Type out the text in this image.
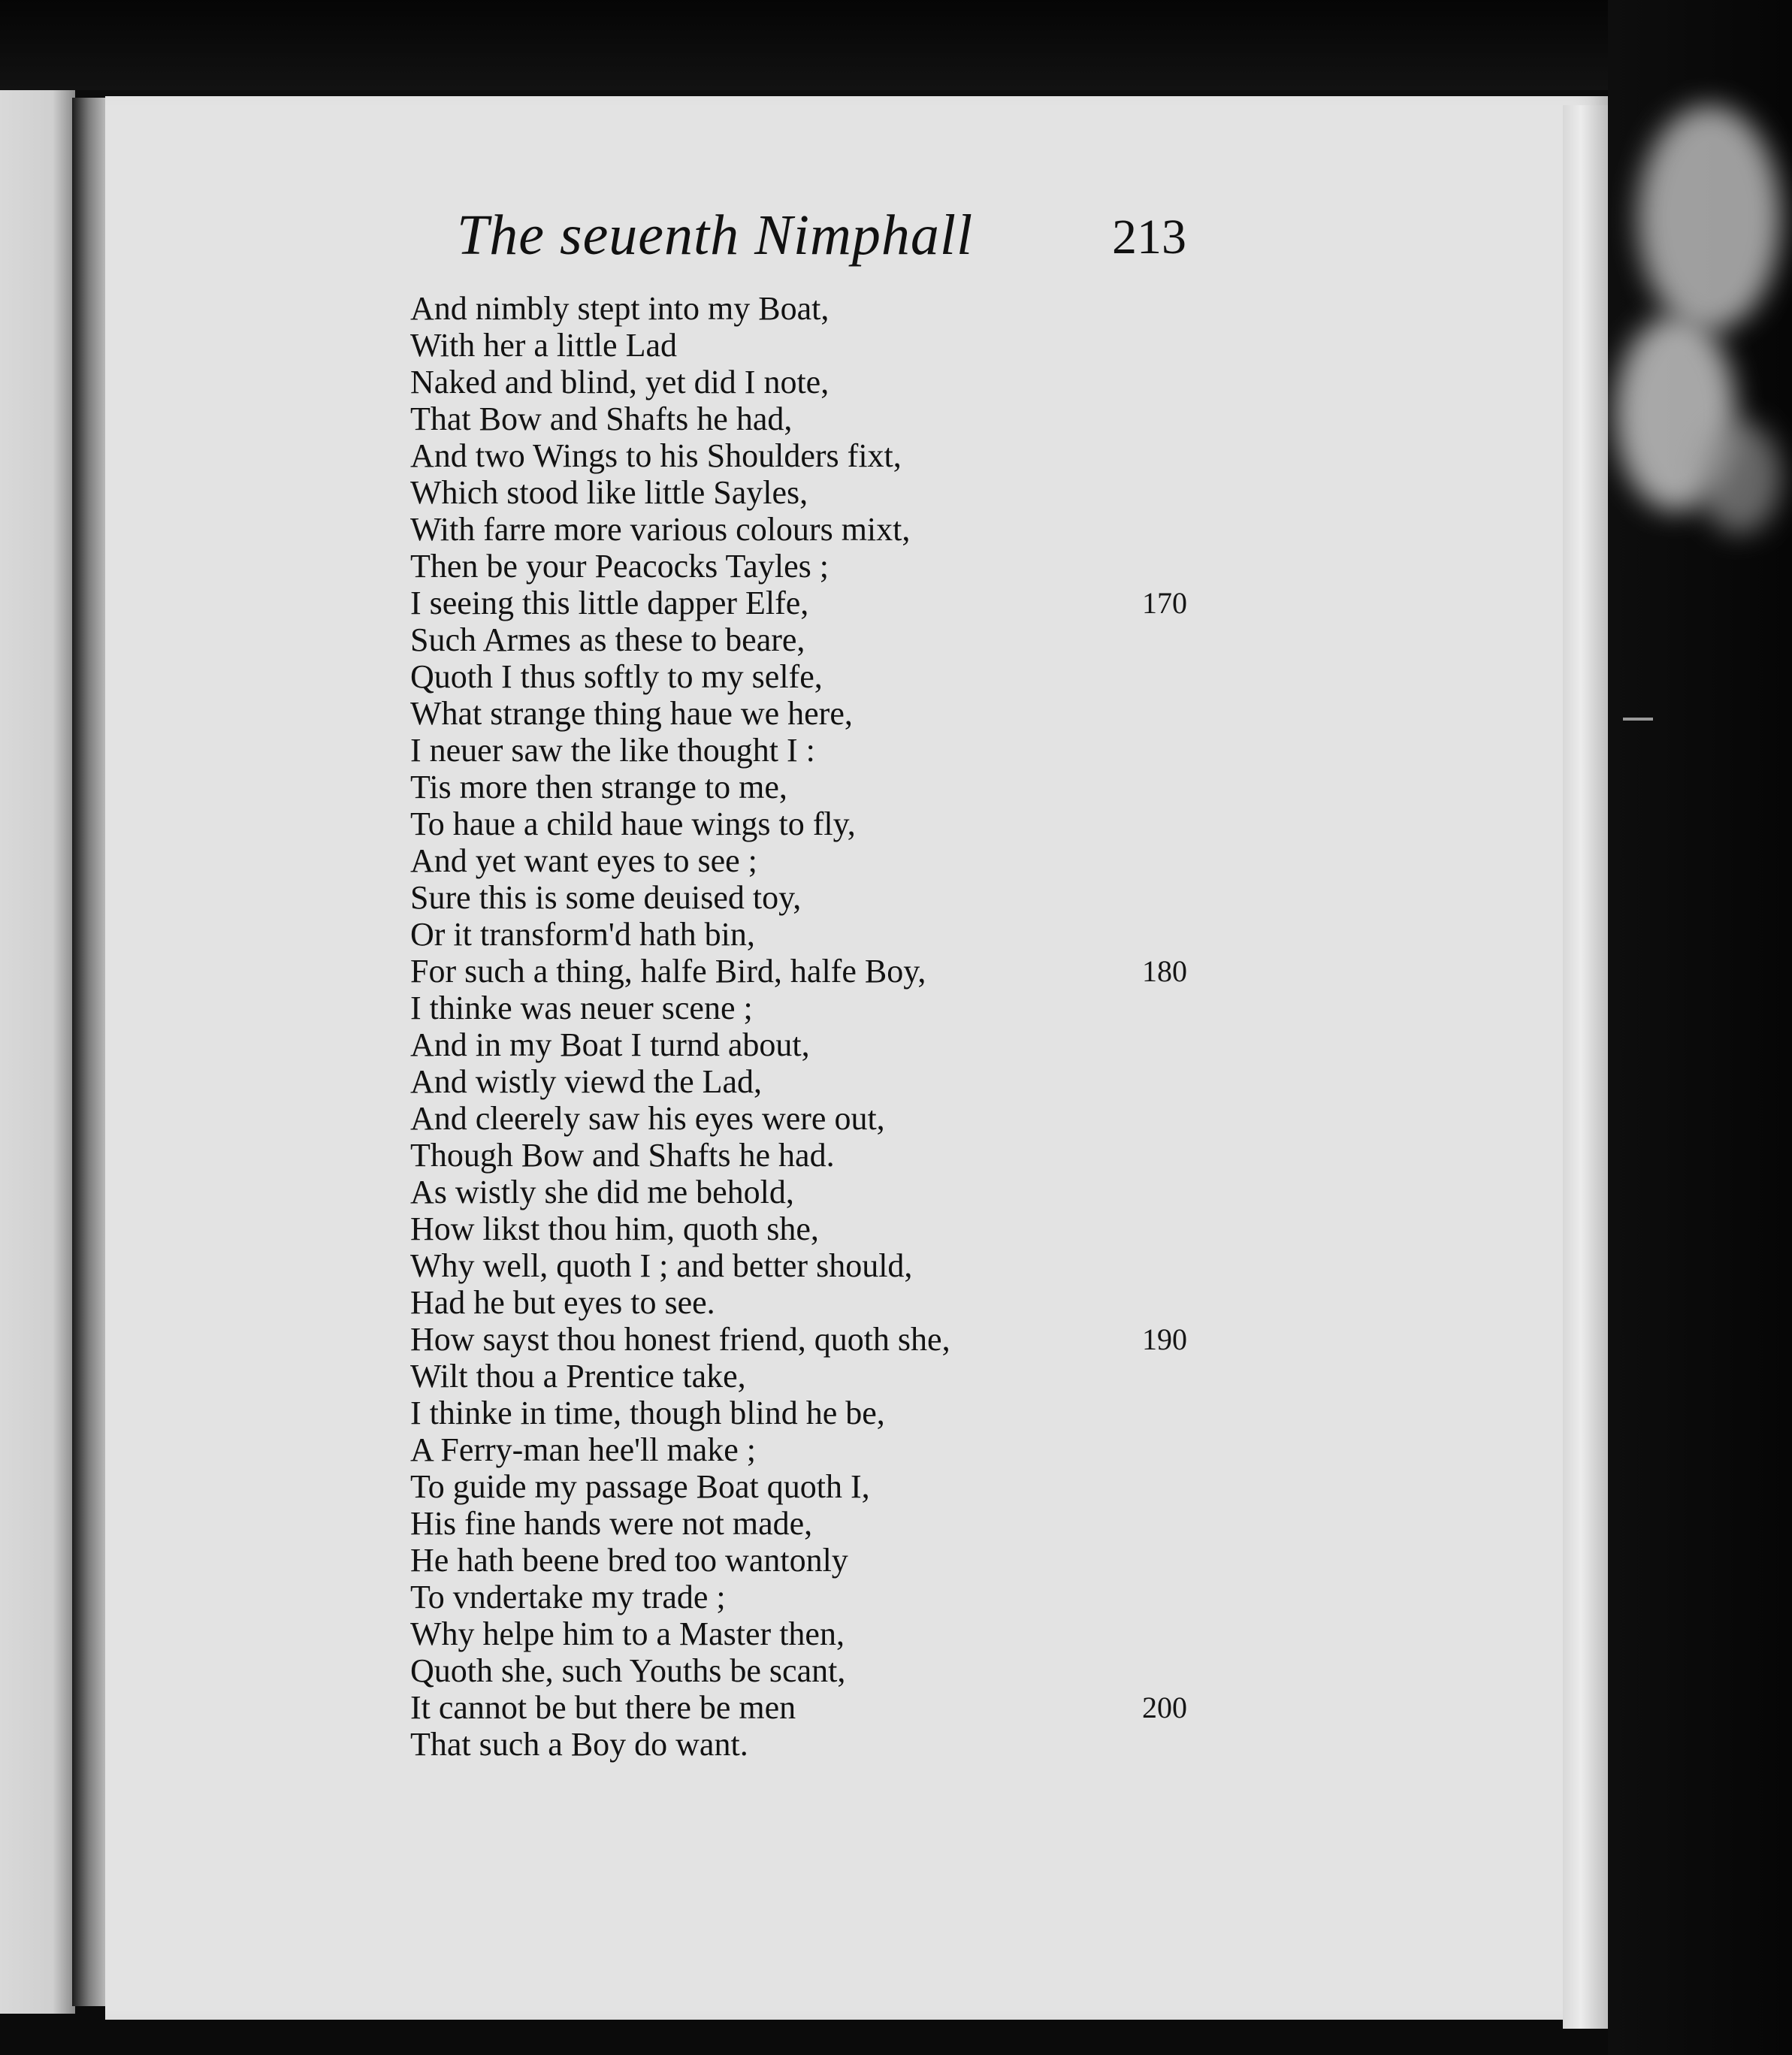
The seuenth Nimphall	213
And nimbly stept into my Boat,
With her a little Lad
Naked and blind, yet did I note,
That Bow and Shafts he had,
And two Wings to his Shoulders fixt,
Which stood like little Sayles,
With farre more various colours mixt,
Then be your Peacocks Tayles ;
I seeing this little dapper Elfe,
Such Armes as these to beare,
Quoth I thus softly to my selfe,
What strange thing haue we here,
I neuer saw the like thought I :
Tis more then strange to me,
To haue a child haue wings to fly,
And yet want eyes to see ;
Sure this is some deuised toy,
Or it transform'd hath bin,
For such a thing, halfe Bird, halfe Boy,
I thinke was neuer scene ;
And in my Boat I turnd about,
And wistly viewd the Lad,
And cleerely saw his eyes were out,
Though Bow and Shafts he had.
As wistly she did me behold,
How likst thou him, quoth she,
Why well, quoth I ; and better should,
Had he but eyes to see.
How sayst thou honest friend, quoth she,
Wilt thou a Prentice take,
I thinke in time, though blind he be,
A Ferry-man hee'll make ;
To guide my passage Boat quoth I,
His fine hands were not made,
He hath beene bred too wantonly
To vndertake my trade ;
Why helpe him to a Master then,
Quoth she, such Youths be scant,
It cannot be but there be men
That such a Boy do want.
170
180
190
200
